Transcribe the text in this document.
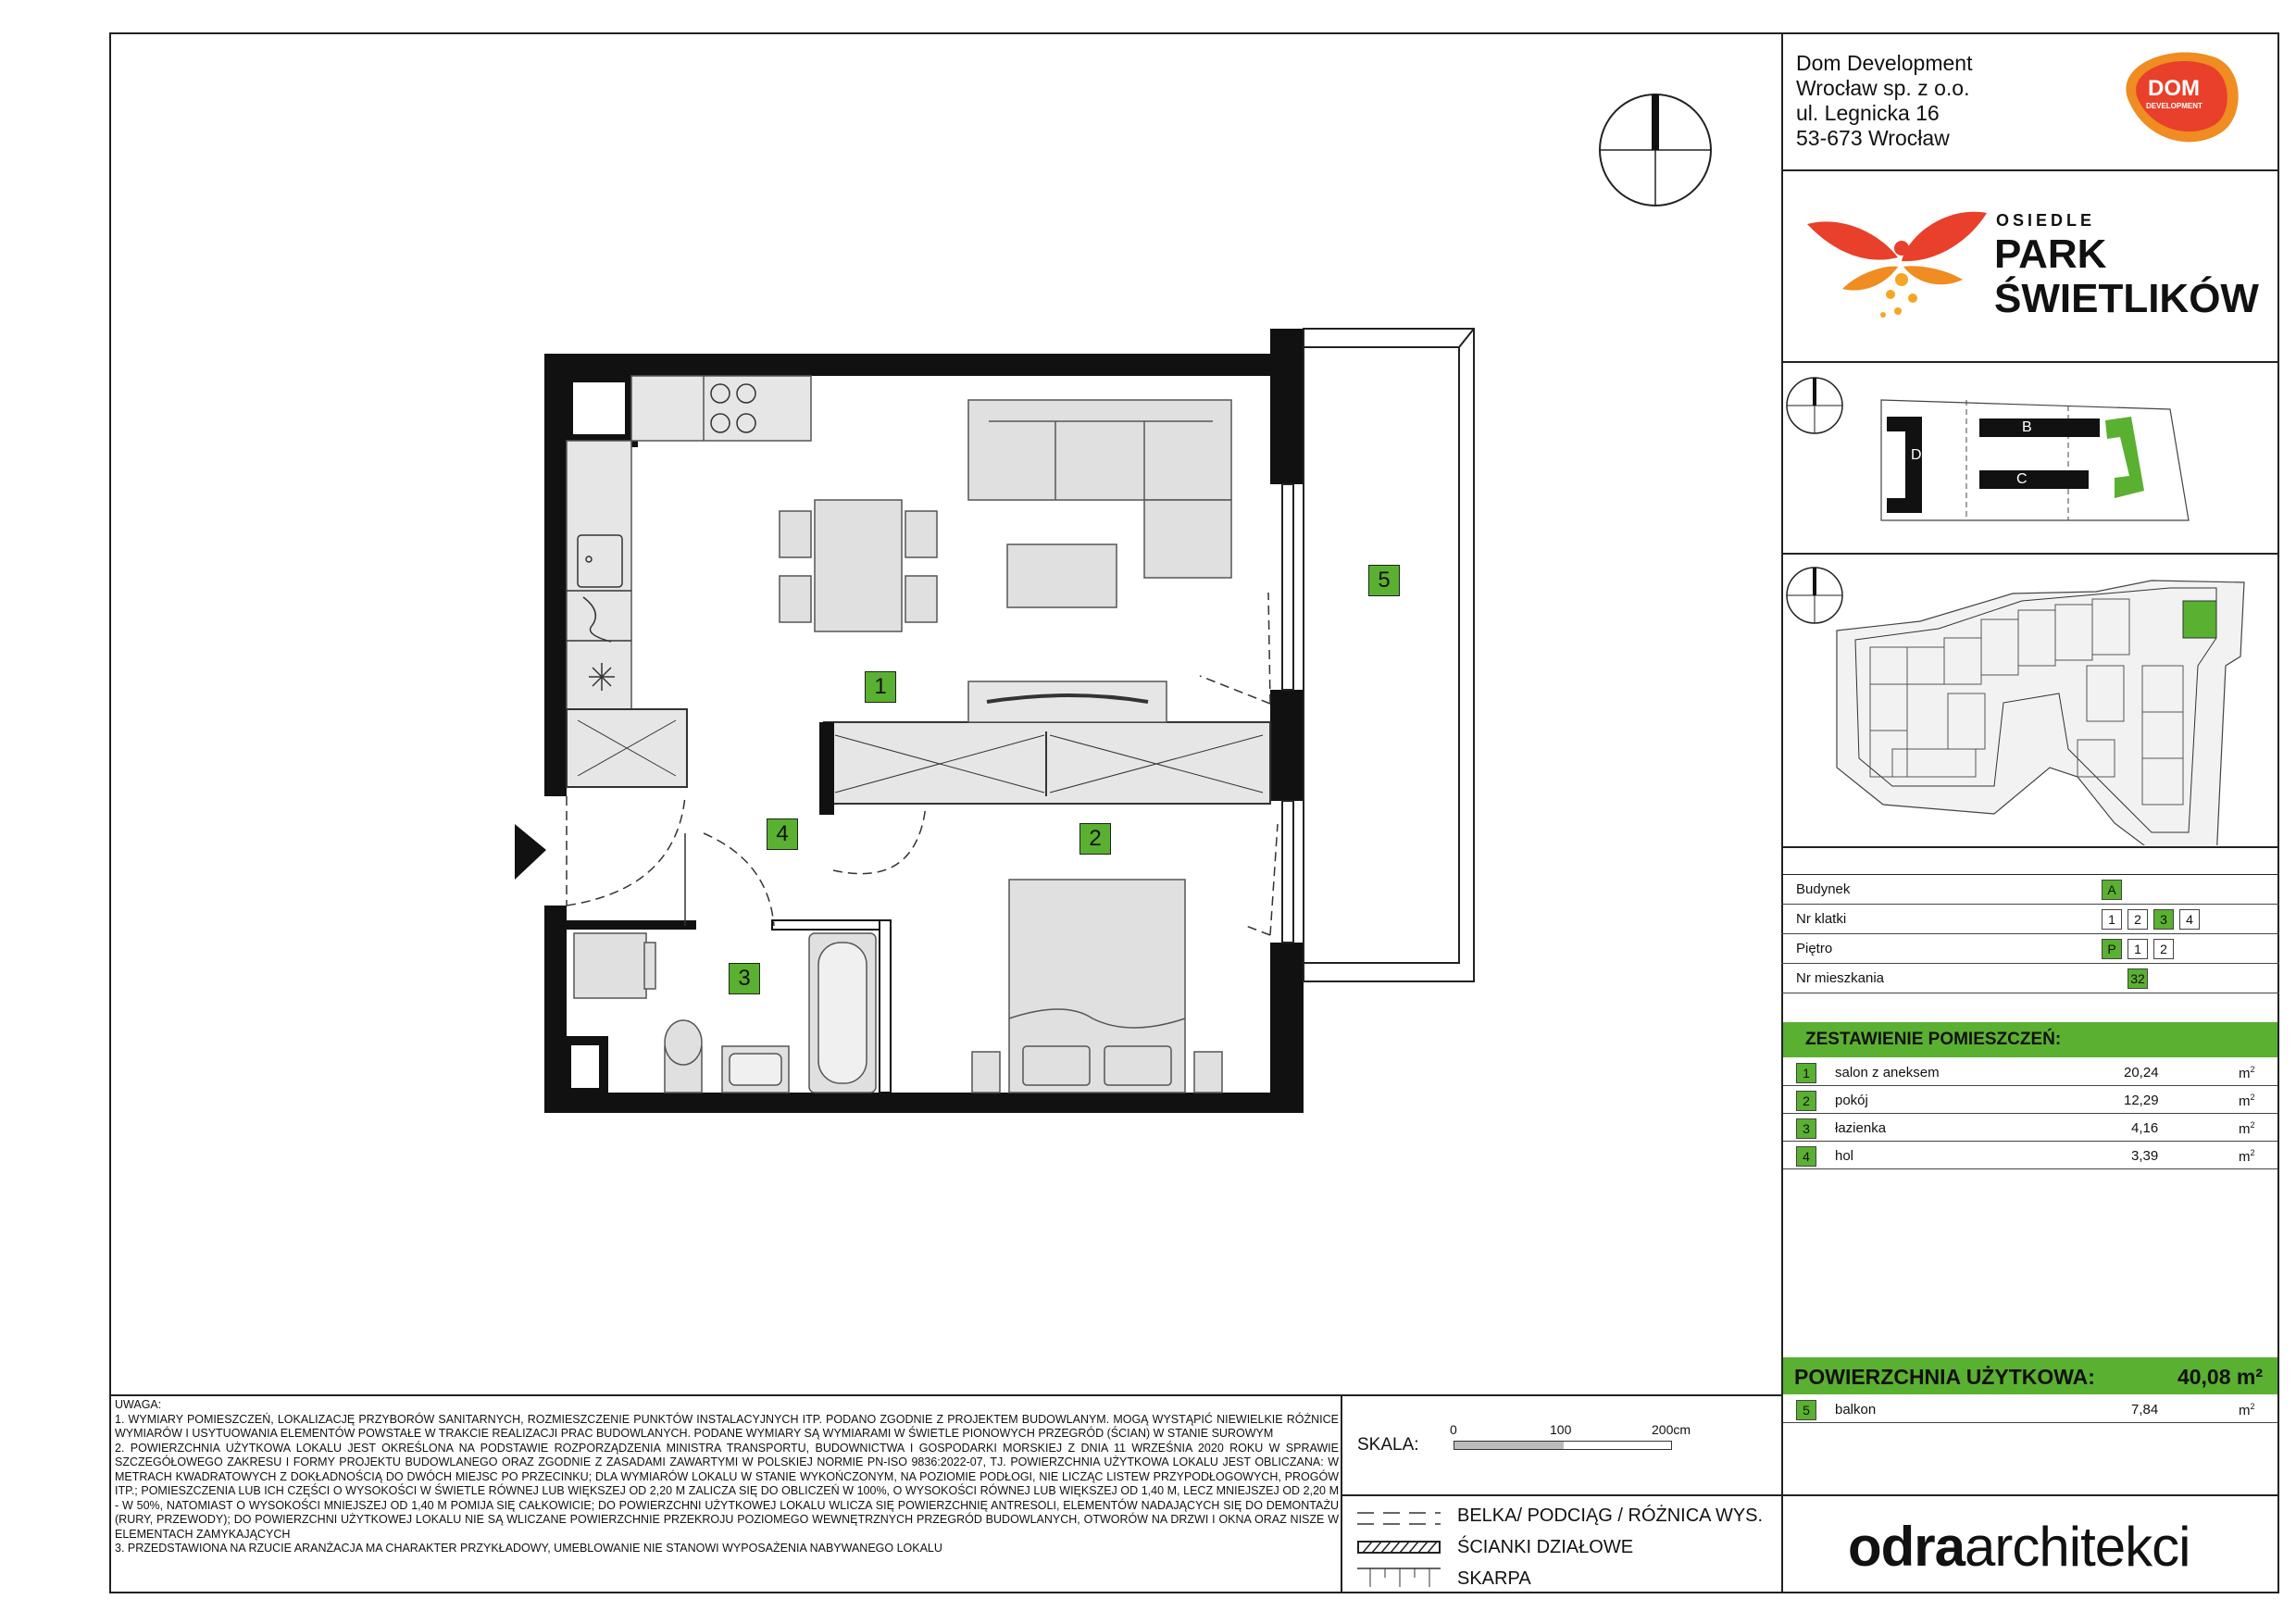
1
2
3
4
5
Dom Development
Wrocław sp. z o.o.
ul. Legnicka 16
53-673 Wrocław
DOM
DEVELOPMENT
OSIEDLE
PARK
ŚWIETLIKÓW
B
C
D	A
Budynek	A
Nr klatki	1	2	3	4
Piętro	P	1	2
Nr mieszkania	32
ZESTAWIENIE POMIESZCZEŃ:
1	salon z aneksem	20,24	$m^2$
2	pokój	12,29	$m^2$
3	łazienka	4,16	$m^2$
4	hol	3,39	$m^2$
POWIERZCHNIA UŻYTKOWA:	40,08 m²
5	balkon	7,84	$m^2$
odraarchitekci
SKALA:
0	100	200cm
BELKA/ PODCIĄG / RÓŻNICA WYS.
ŚCIANKI DZIAŁOWE
SKARPA

UWAGA:

1. WYMIARY POMIESZCZEŃ, LOKALIZACJĘ PRZYBORÓW SANITARNYCH, ROZMIESZCZENIE PUNKTÓW INSTALACYJNYCH ITP. PODANO ZGODNIE Z PROJEKTEM BUDOWLANYM. MOGĄ WYSTĄPIĆ NIEWIELKIE RÓŻNICE WYMIARÓW I USYTUOWANIA ELEMENTÓW POWSTAŁE W TRAKCIE REALIZACJI PRAC BUDOWLANYCH. PODANE WYMIARY SĄ WYMIARAMI W ŚWIETLE PIONOWYCH PRZEGRÓD (ŚCIAN) W STANIE SUROWYM

2. POWIERZCHNIA UŻYTKOWA LOKALU JEST OKREŚLONA NA PODSTAWIE ROZPORZĄDZENIA MINISTRA TRANSPORTU, BUDOWNICTWA I GOSPODARKI MORSKIEJ Z DNIA 11 WRZEŚNIA 2020 ROKU W SPRAWIE SZCZEGÓŁOWEGO ZAKRESU I FORMY PROJEKTU BUDOWLANEGO ORAZ ZGODNIE Z ZASADAMI ZAWARTYMI W POLSKIEJ NORMIE PN-ISO 9836:2022-07, TJ. POWIERZCHNIA UŻYTKOWA LOKALU JEST OBLICZANA: W METRACH KWADRATOWYCH Z DOKŁADNOŚCIĄ DO DWÓCH MIEJSC PO PRZECINKU; DLA WYMIARÓW LOKALU W STANIE WYKOŃCZONYM, NA POZIOMIE PODŁOGI, NIE LICZĄC LISTEW PRZYPODŁOGOWYCH, PROGÓW ITP.; POMIESZCZENIA LUB ICH CZĘŚCI O WYSOKOŚCI W ŚWIETLE RÓWNEJ LUB WIĘKSZEJ OD 2,20 M ZALICZA SIĘ DO OBLICZEŃ W 100%, O WYSOKOŚCI RÓWNEJ LUB WIĘKSZEJ OD 1,40 M, LECZ MNIEJSZEJ OD 2,20 M - W 50%, NATOMIAST O WYSOKOŚCI MNIEJSZEJ OD 1,40 M POMIJA SIĘ CAŁKOWICIE; DO POWIERZCHNI UŻYTKOWEJ LOKALU WLICZA SIĘ POWIERZCHNIĘ ANTRESOLI, ELEMENTÓW NADAJĄCYCH SIĘ DO DEMONTAŻU (RURY, PRZEWODY); DO POWIERZCHNI UŻYTKOWEJ LOKALU NIE SĄ WLICZANE POWIERZCHNIE PRZEKROJU POZIOMEGO WEWNĘTRZNYCH PRZEGRÓD BUDOWLANYCH, OTWORÓW NA DRZWI I OKNA ORAZ NISZE W ELEMENTACH ZAMYKAJĄCYCH

3. PRZEDSTAWIONA NA RZUCIE ARANŻACJA MA CHARAKTER PRZYKŁADOWY, UMEBLOWANIE NIE STANOWI WYPOSAŻENIA NABYWANEGO LOKALU
